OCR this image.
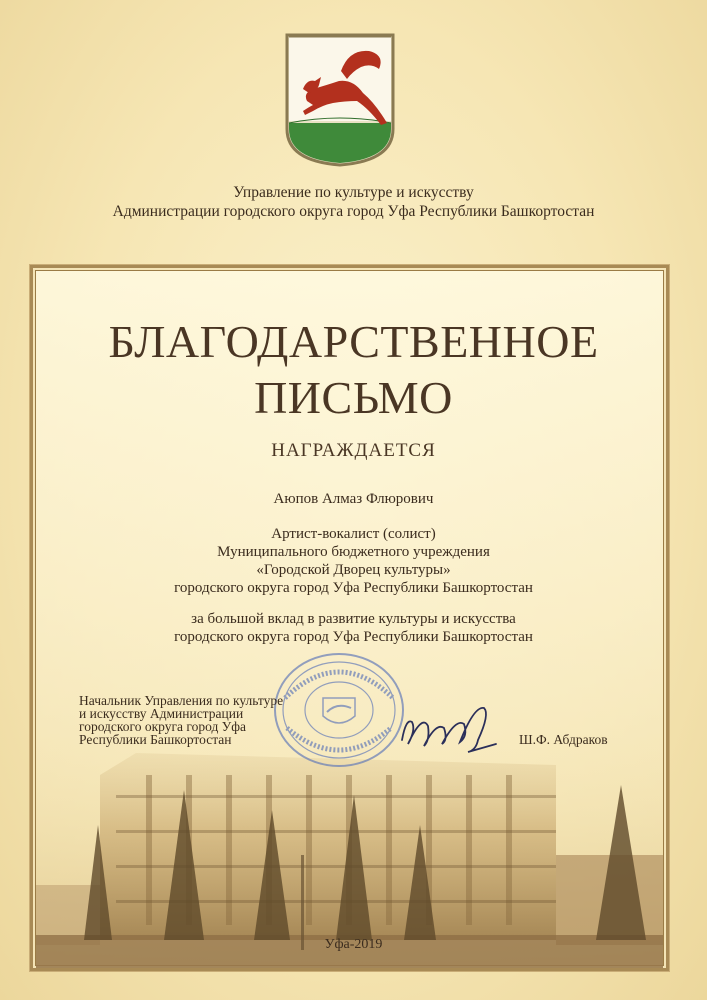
Управление по культуре и искусству
Администрации городского округа город Уфа Республики Башкортостан
БЛАГОДАРСТВЕННОЕ
ПИСЬМО
НАГРАЖДАЕТСЯ
Аюпов Алмаз Флюрович
Артист-вокалист (солист)
Муниципального бюджетного учреждения
«Городской Дворец культуры»
городского округа город Уфа Республики Башкортостан
за большой вклад в развитие культуры и искусства
городского округа город Уфа Республики Башкортостан
Начальник Управления по культуре
и искусству Администрации
городского округа город Уфа
Республики Башкортостан	Ш.Ф. Абдраков
Уфа-2019
